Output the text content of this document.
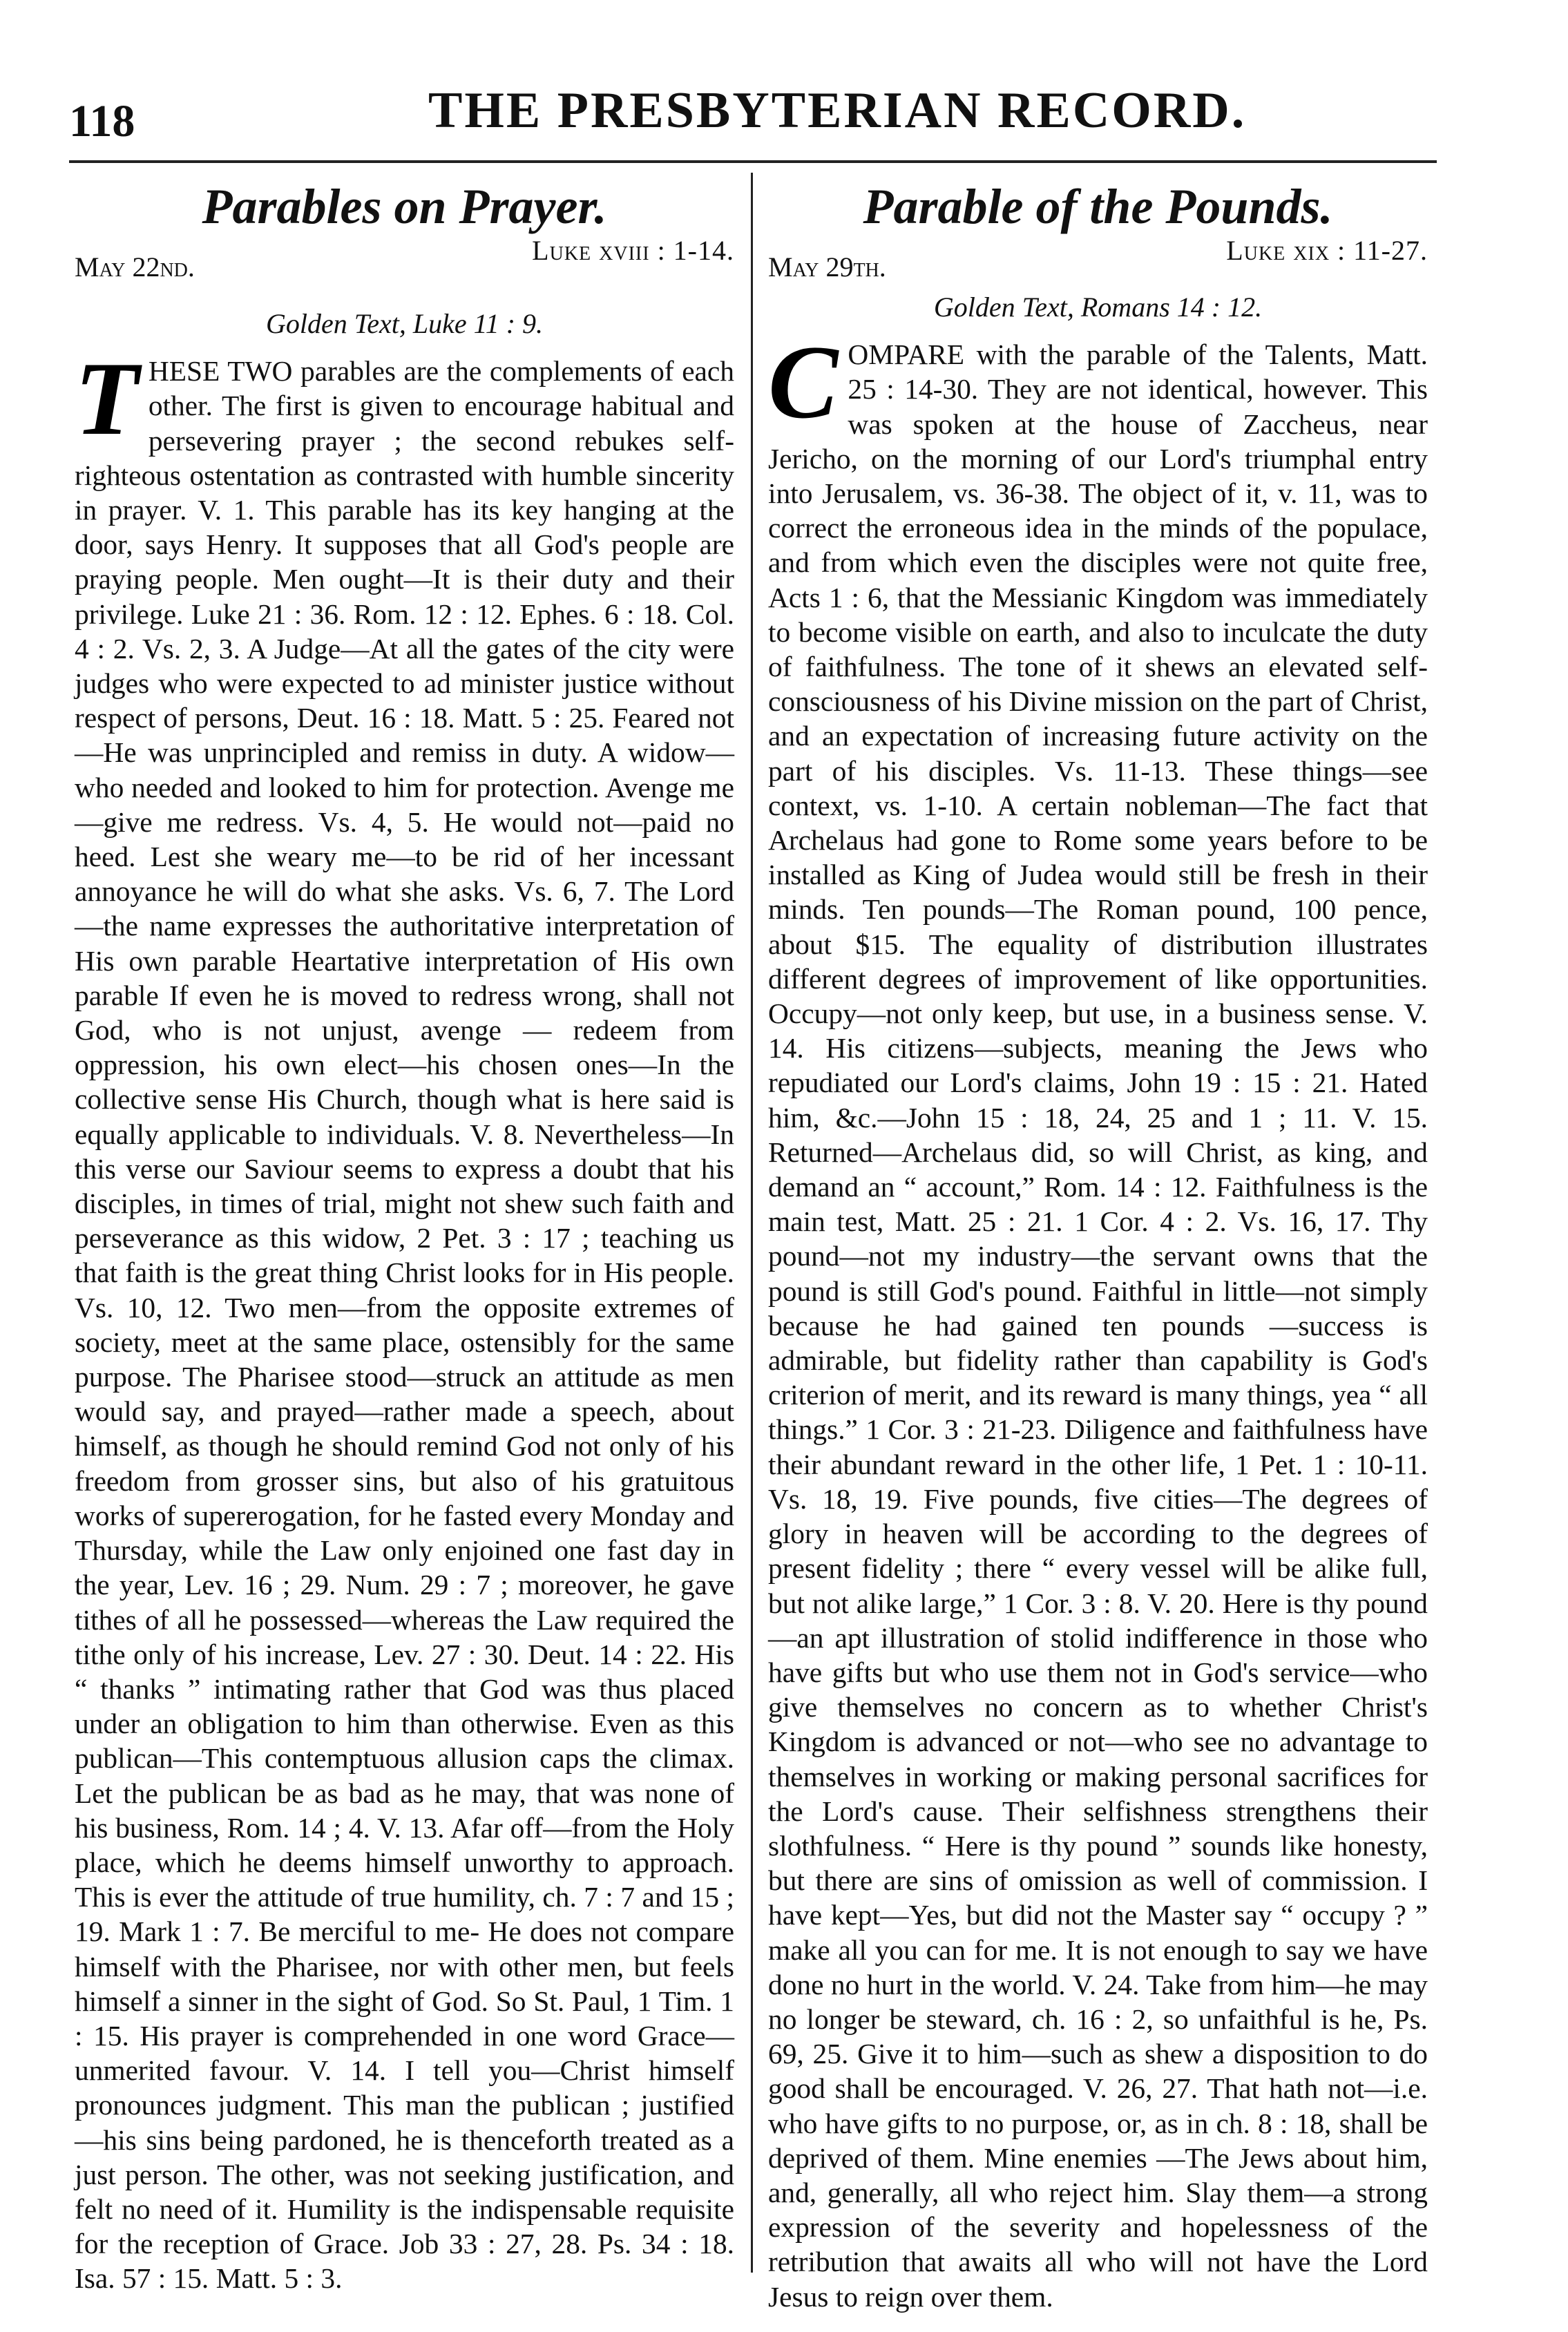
118	THE PRESBYTERIAN RECORD.
Parables on Prayer.
May 22nd.
Luke xviii : 1-14.
Golden Text, Luke 11 : 9.

THESE TWO parables are the complements of each other. The first is given to encourage habitual and persevering prayer ; the second rebukes self-righteous ostentation as contrasted with humble sincerity in prayer. V. 1. This parable has its key hanging at the door, says Henry. It supposes that all God's people are praying people. Men ought—It is their duty and their privilege. Luke 21 : 36. Rom. 12 : 12. Ephes. 6 : 18. Col. 4 : 2. Vs. 2, 3. A Judge—At all the gates of the city were judges who were expected to ad minister justice without respect of persons, Deut. 16 : 18. Matt. 5 : 25. Feared not—He was unprincipled and remiss in duty. A widow—who needed and looked to him for protection. Avenge me—give me redress. Vs. 4, 5. He would not—paid no heed. Lest she weary me—to be rid of her incessant annoyance he will do what she asks. Vs. 6, 7. The Lord—the name expresses the authoritative interpretation of His own parable Heartative interpretation of His own parable If even he is moved to redress wrong, shall not God, who is not unjust, avenge — redeem from oppression, his own elect—his chosen ones—In the collective sense His Church, though what is here said is equally applicable to individuals. V. 8. Nevertheless—In this verse our Saviour seems to express a doubt that his disciples, in times of trial, might not shew such faith and perseverance as this widow, 2 Pet. 3 : 17 ; teaching us that faith is the great thing Christ looks for in His people. Vs. 10, 12. Two men—from the opposite extremes of society, meet at the same place, ostensibly for the same purpose. The Pharisee stood—struck an attitude as men would say, and prayed—rather made a speech, about himself, as though he should remind God not only of his freedom from grosser sins, but also of his gratuitous works of supererogation, for he fasted every Monday and Thursday, while the Law only enjoined one fast day in the year, Lev. 16 ; 29. Num. 29 : 7 ; moreover, he gave tithes of all he possessed—whereas the Law required the tithe only of his increase, Lev. 27 : 30. Deut. 14 : 22. His “ thanks ” intimating rather that God was thus placed under an obligation to him than otherwise. Even as this publican—This contemptuous allusion caps the climax. Let the publican be as bad as he may, that was none of his business, Rom. 14 ; 4. V. 13. Afar off—from the Holy place, which he deems himself unworthy to approach. This is ever the attitude of true humility, ch. 7 : 7 and 15 ; 19. Mark 1 : 7. Be merciful to me- He does not compare himself with the Pharisee, nor with other men, but feels himself a sinner in the sight of God. So St. Paul, 1 Tim. 1 : 15. His prayer is comprehended in one word Grace—unmerited favour. V. 14. I tell you—Christ himself pronounces judgment. This man the publican ; justified—his sins being pardoned, he is thenceforth treated as a just person. The other, was not seeking justification, and felt no need of it. Humility is the indispensable requisite for the reception of Grace. Job 33 : 27, 28. Ps. 34 : 18. Isa. 57 : 15. Matt. 5 : 3.

Parable of the Pounds.
May 29th.
Luke xix : 11-27.
Golden Text, Romans 14 : 12.

COMPARE with the parable of the Talents, Matt. 25 : 14-30. They are not identical, however. This was spoken at the house of Zaccheus, near Jericho, on the morning of our Lord's triumphal entry into Jerusalem, vs. 36-38. The object of it, v. 11, was to correct the erroneous idea in the minds of the populace, and from which even the disciples were not quite free, Acts 1 : 6, that the Messianic Kingdom was immediately to become visible on earth, and also to inculcate the duty of faithfulness. The tone of it shews an elevated self-consciousness of his Divine mission on the part of Christ, and an expectation of increasing future activity on the part of his disciples. Vs. 11-13. These things—see context, vs. 1-10. A certain nobleman—The fact that Archelaus had gone to Rome some years before to be installed as King of Judea would still be fresh in their minds. Ten pounds—The Roman pound, 100 pence, about $15. The equality of distribution illustrates different degrees of improvement of like opportunities. Occupy—not only keep, but use, in a business sense. V. 14. His citizens—subjects, meaning the Jews who repudiated our Lord's claims, John 19 : 15 : 21. Hated him, &c.—John 15 : 18, 24, 25 and 1 ; 11. V. 15. Returned—Archelaus did, so will Christ, as king, and demand an “ account,” Rom. 14 : 12. Faithfulness is the main test, Matt. 25 : 21. 1 Cor. 4 : 2. Vs. 16, 17. Thy pound—not my industry—the servant owns that the pound is still God's pound. Faithful in little—not simply because he had gained ten pounds —success is admirable, but fidelity rather than capability is God's criterion of merit, and its reward is many things, yea “ all things.” 1 Cor. 3 : 21-23. Diligence and faithfulness have their abundant reward in the other life, 1 Pet. 1 : 10-11. Vs. 18, 19. Five pounds, five cities—The degrees of glory in heaven will be according to the degrees of present fidelity ; there “ every vessel will be alike full, but not alike large,” 1 Cor. 3 : 8. V. 20. Here is thy pound—an apt illustration of stolid indifference in those who have gifts but who use them not in God's service—who give themselves no concern as to whether Christ's Kingdom is advanced or not—who see no advantage to themselves in working or making personal sacrifices for the Lord's cause. Their selfishness strengthens their slothfulness. “ Here is thy pound ” sounds like honesty, but there are sins of omission as well of commission. I have kept—Yes, but did not the Master say “ occupy ? ” make all you can for me. It is not enough to say we have done no hurt in the world. V. 24. Take from him—he may no longer be steward, ch. 16 : 2, so unfaithful is he, Ps. 69, 25. Give it to him—such as shew a disposition to do good shall be encouraged. V. 26, 27. That hath not—i.e. who have gifts to no purpose, or, as in ch. 8 : 18, shall be deprived of them. Mine enemies —The Jews about him, and, generally, all who reject him. Slay them—a strong expression of the severity and hopelessness of the retribution that awaits all who will not have the Lord Jesus to reign over them.
